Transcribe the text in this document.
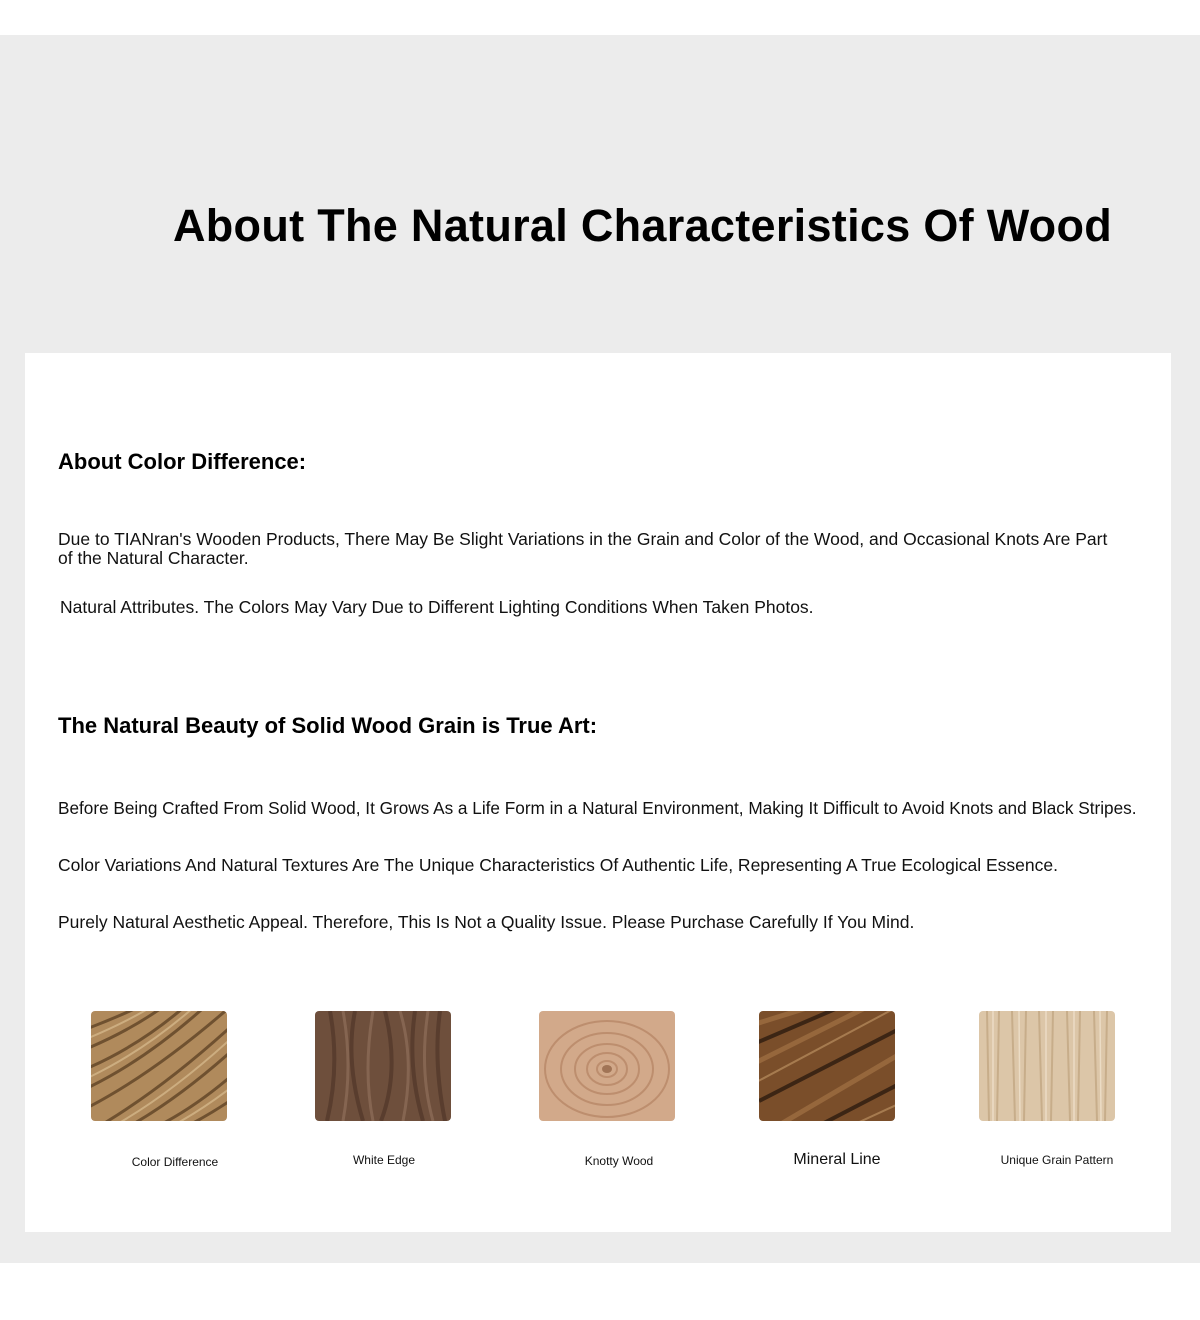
About The Natural Characteristics Of Wood
About Color Difference:

Due to TIANran's Wooden Products, There May Be Slight Variations in the Grain and Color of the Wood, and Occasional Knots Are Part of the Natural Character.

Natural Attributes. The Colors May Vary Due to Different Lighting Conditions When Taken Photos.

The Natural Beauty of Solid Wood Grain is True Art:

Before Being Crafted From Solid Wood, It Grows As a Life Form in a Natural Environment, Making It Difficult to Avoid Knots and Black Stripes.

Color Variations And Natural Textures Are The Unique Characteristics Of Authentic Life, Representing A True Ecological Essence.

Purely Natural Aesthetic Appeal. Therefore, This Is Not a Quality Issue. Please Purchase Carefully If You Mind.

Color Difference	White Edge	Knotty Wood	Mineral Line	Unique Grain Pattern
